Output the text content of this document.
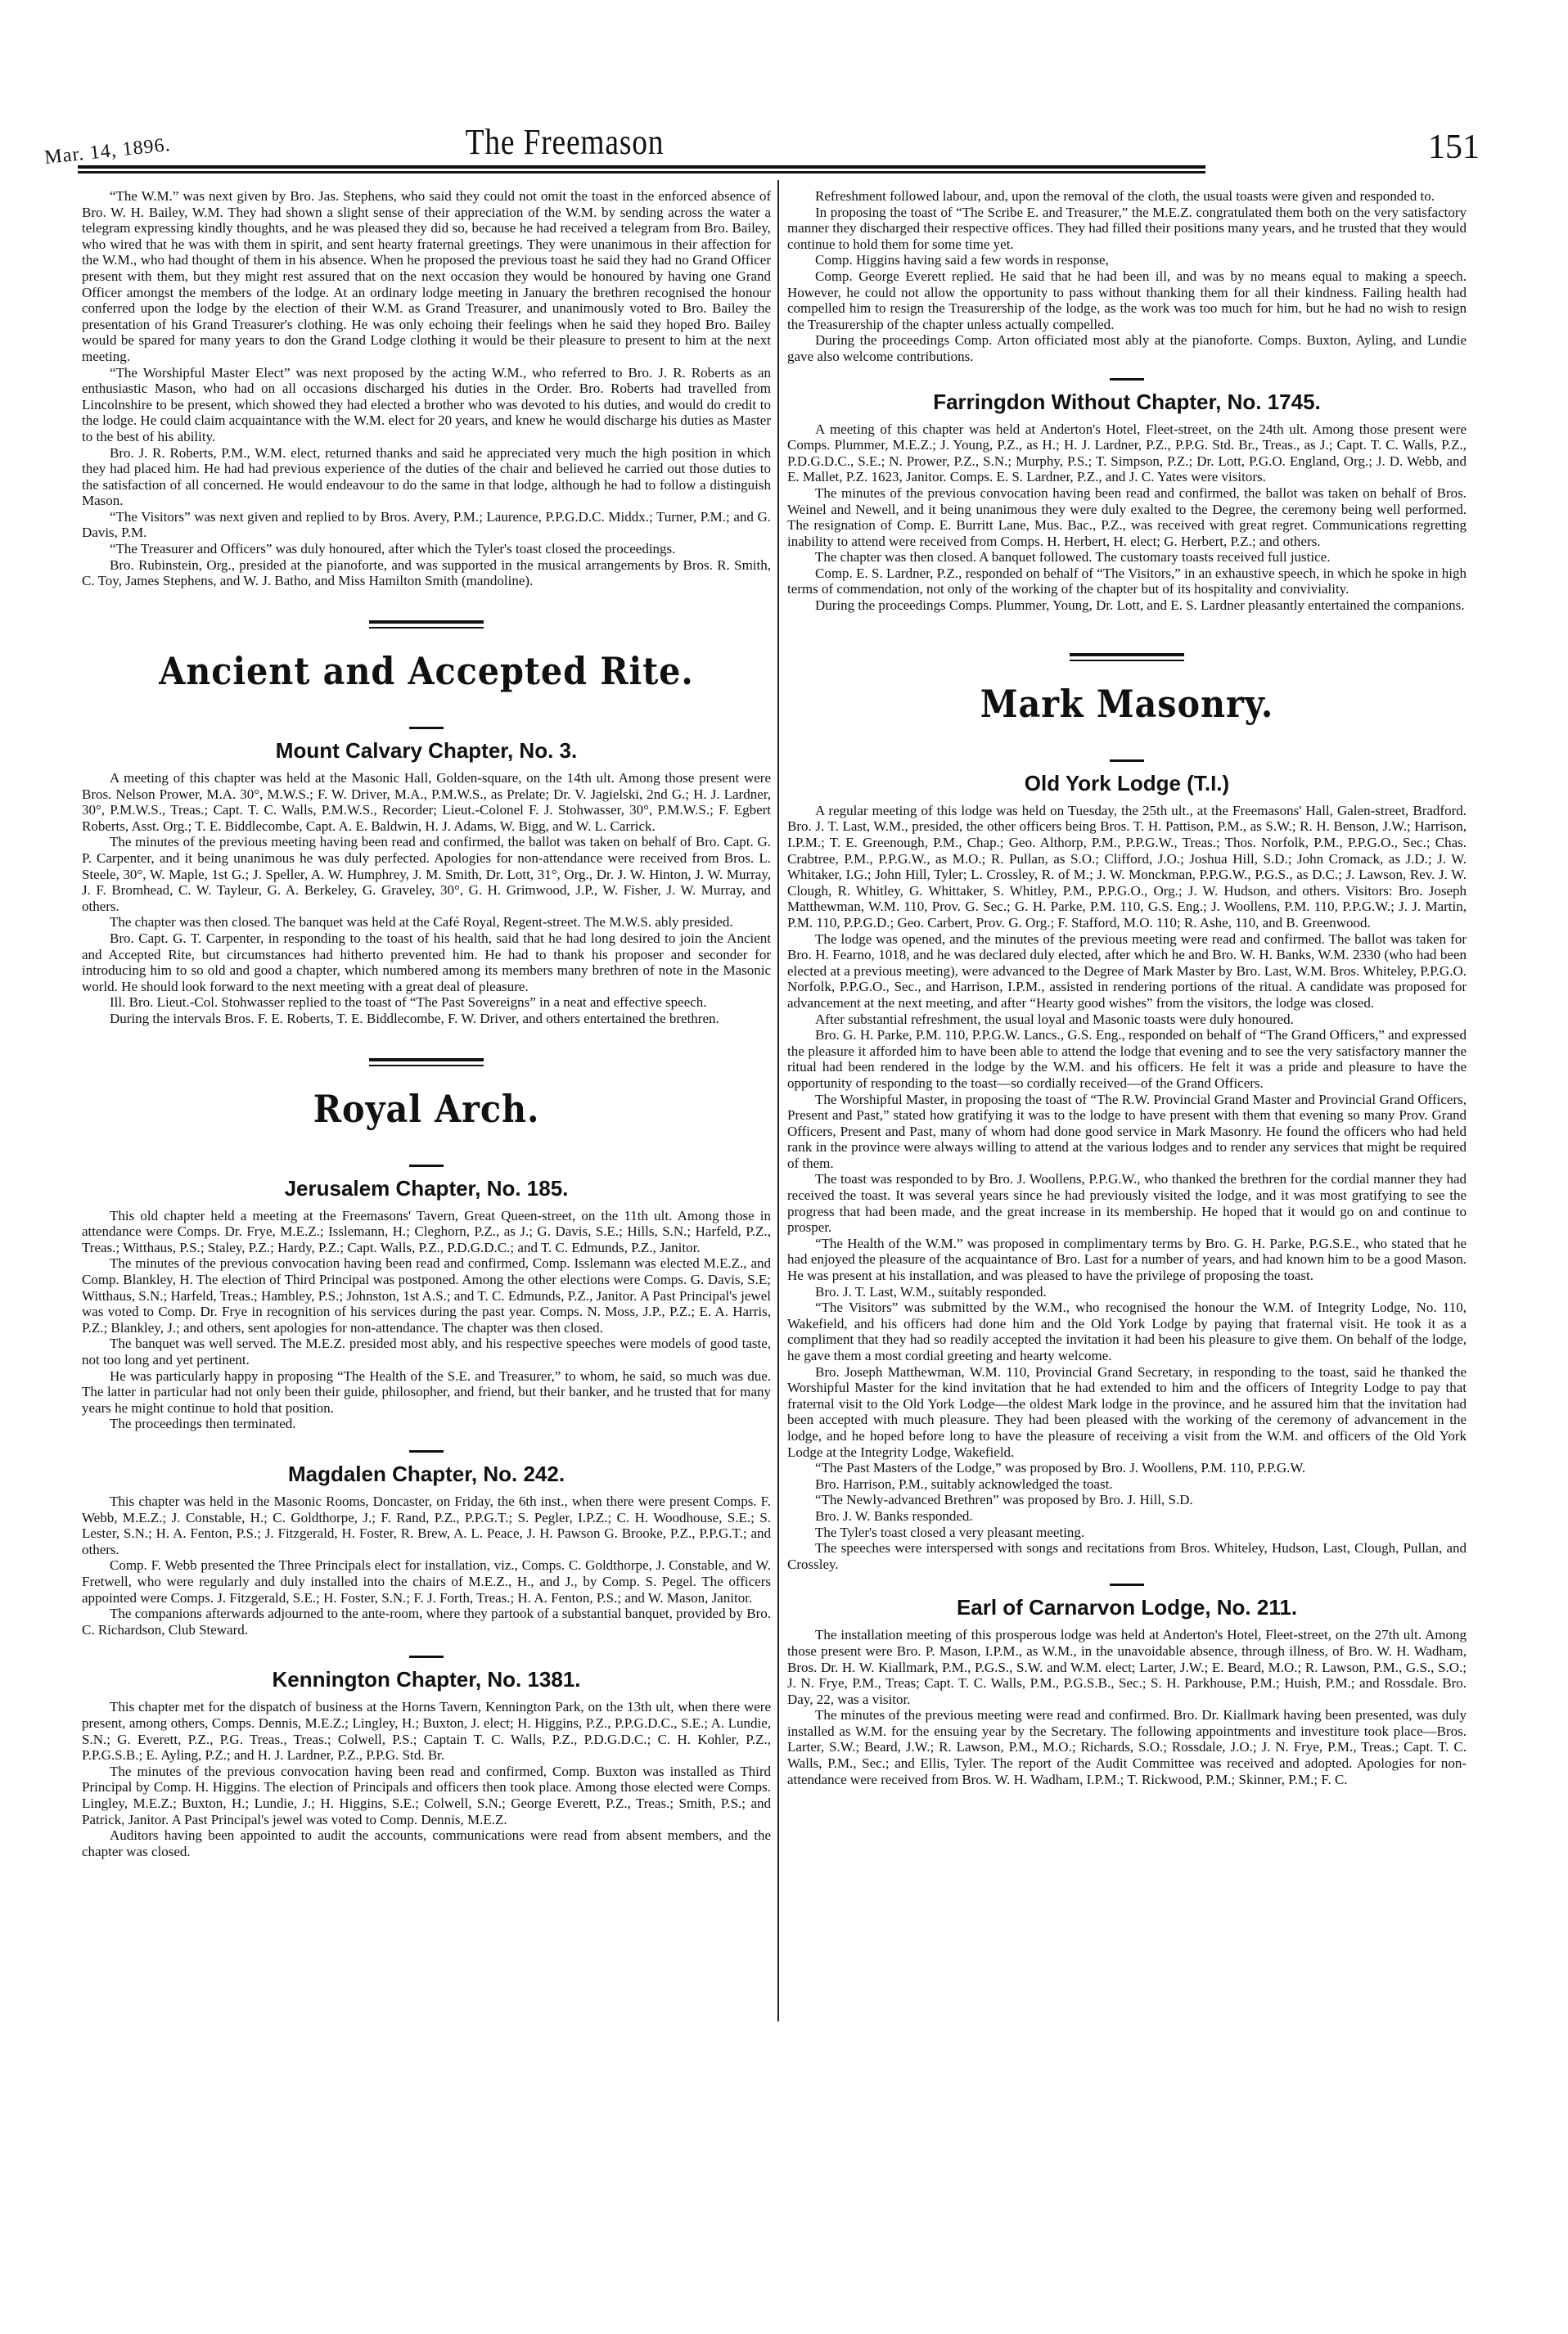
Mar. 14, 1896.	The Freemason	151

“The W.M.” was next given by Bro. Jas. Stephens, who said they could not omit the toast in the enforced absence of Bro. W. H. Bailey, W.M. They had shown a slight sense of their appreciation of the W.M. by sending across the water a telegram expressing kindly thoughts, and he was pleased they did so, because he had received a telegram from Bro. Bailey, who wired that he was with them in spirit, and sent hearty fraternal greetings. They were unanimous in their affection for the W.M., who had thought of them in his absence. When he proposed the previous toast he said they had no Grand Officer present with them, but they might rest assured that on the next occasion they would be honoured by having one Grand Officer amongst the members of the lodge. At an ordinary lodge meeting in January the brethren recognised the honour conferred upon the lodge by the election of their W.M. as Grand Treasurer, and unanimously voted to Bro. Bailey the presentation of his Grand Treasurer's clothing. He was only echoing their feelings when he said they hoped Bro. Bailey would be spared for many years to don the Grand Lodge clothing it would be their pleasure to present to him at the next meeting.

“The Worshipful Master Elect” was next proposed by the acting W.M., who referred to Bro. J. R. Roberts as an enthusiastic Mason, who had on all occasions discharged his duties in the Order. Bro. Roberts had travelled from Lincolnshire to be present, which showed they had elected a brother who was devoted to his duties, and would do credit to the lodge. He could claim acquaintance with the W.M. elect for 20 years, and knew he would discharge his duties as Master to the best of his ability.

Bro. J. R. Roberts, P.M., W.M. elect, returned thanks and said he appreciated very much the high position in which they had placed him. He had had previous experience of the duties of the chair and believed he carried out those duties to the satisfaction of all concerned. He would endeavour to do the same in that lodge, although he had to follow a distinguish Mason.

“The Visitors” was next given and replied to by Bros. Avery, P.M.; Laurence, P.P.G.D.C. Middx.; Turner, P.M.; and G. Davis, P.M.

“The Treasurer and Officers” was duly honoured, after which the Tyler's toast closed the proceedings.

Bro. Rubinstein, Org., presided at the pianoforte, and was supported in the musical arrangements by Bros. R. Smith, C. Toy, James Stephens, and W. J. Batho, and Miss Hamilton Smith (mandoline).

Ancient and Accepted Rite.
Mount Calvary Chapter, No. 3.

A meeting of this chapter was held at the Masonic Hall, Golden-square, on the 14th ult. Among those present were Bros. Nelson Prower, M.A. 30°, M.W.S.; F. W. Driver, M.A., P.M.W.S., as Prelate; Dr. V. Jagielski, 2nd G.; H. J. Lardner, 30°, P.M.W.S., Treas.; Capt. T. C. Walls, P.M.W.S., Recorder; Lieut.-Colonel F. J. Stohwasser, 30°, P.M.W.S.; F. Egbert Roberts, Asst. Org.; T. E. Biddlecombe, Capt. A. E. Baldwin, H. J. Adams, W. Bigg, and W. L. Carrick.

The minutes of the previous meeting having been read and confirmed, the ballot was taken on behalf of Bro. Capt. G. P. Carpenter, and it being unanimous he was duly perfected. Apologies for non-attendance were received from Bros. L. Steele, 30°, W. Maple, 1st G.; J. Speller, A. W. Humphrey, J. M. Smith, Dr. Lott, 31°, Org., Dr. J. W. Hinton, J. W. Murray, J. F. Bromhead, C. W. Tayleur, G. A. Berkeley, G. Graveley, 30°, G. H. Grimwood, J.P., W. Fisher, J. W. Murray, and others.

The chapter was then closed. The banquet was held at the Café Royal, Regent-street. The M.W.S. ably presided.

Bro. Capt. G. T. Carpenter, in responding to the toast of his health, said that he had long desired to join the Ancient and Accepted Rite, but circumstances had hitherto prevented him. He had to thank his proposer and seconder for introducing him to so old and good a chapter, which numbered among its members many brethren of note in the Masonic world. He should look forward to the next meeting with a great deal of pleasure.

Ill. Bro. Lieut.-Col. Stohwasser replied to the toast of “The Past Sovereigns” in a neat and effective speech.

During the intervals Bros. F. E. Roberts, T. E. Biddlecombe, F. W. Driver, and others entertained the brethren.

Royal Arch.
Jerusalem Chapter, No. 185.

This old chapter held a meeting at the Freemasons' Tavern, Great Queen-street, on the 11th ult. Among those in attendance were Comps. Dr. Frye, M.E.Z.; Isslemann, H.; Cleghorn, P.Z., as J.; G. Davis, S.E.; Hills, S.N.; Harfeld, P.Z., Treas.; Witthaus, P.S.; Staley, P.Z.; Hardy, P.Z.; Capt. Walls, P.Z., P.D.G.D.C.; and T. C. Edmunds, P.Z., Janitor.

The minutes of the previous convocation having been read and confirmed, Comp. Isslemann was elected M.E.Z., and Comp. Blankley, H. The election of Third Principal was postponed. Among the other elections were Comps. G. Davis, S.E; Witthaus, S.N.; Harfeld, Treas.; Hambley, P.S.; Johnston, 1st A.S.; and T. C. Edmunds, P.Z., Janitor. A Past Principal's jewel was voted to Comp. Dr. Frye in recognition of his services during the past year. Comps. N. Moss, J.P., P.Z.; E. A. Harris, P.Z.; Blankley, J.; and others, sent apologies for non-attendance. The chapter was then closed.

The banquet was well served. The M.E.Z. presided most ably, and his respective speeches were models of good taste, not too long and yet pertinent.

He was particularly happy in proposing “The Health of the S.E. and Treasurer,” to whom, he said, so much was due. The latter in particular had not only been their guide, philosopher, and friend, but their banker, and he trusted that for many years he might continue to hold that position.

The proceedings then terminated.

Magdalen Chapter, No. 242.

This chapter was held in the Masonic Rooms, Doncaster, on Friday, the 6th inst., when there were present Comps. F. Webb, M.E.Z.; J. Constable, H.; C. Goldthorpe, J.; F. Rand, P.Z., P.P.G.T.; S. Pegler, I.P.Z.; C. H. Woodhouse, S.E.; S. Lester, S.N.; H. A. Fenton, P.S.; J. Fitzgerald, H. Foster, R. Brew, A. L. Peace, J. H. Pawson G. Brooke, P.Z., P.P.G.T.; and others.

Comp. F. Webb presented the Three Principals elect for installation, viz., Comps. C. Goldthorpe, J. Constable, and W. Fretwell, who were regularly and duly installed into the chairs of M.E.Z., H., and J., by Comp. S. Pegel. The officers appointed were Comps. J. Fitzgerald, S.E.; H. Foster, S.N.; F. J. Forth, Treas.; H. A. Fenton, P.S.; and W. Mason, Janitor.

The companions afterwards adjourned to the ante-room, where they partook of a substantial banquet, provided by Bro. C. Richardson, Club Steward.

Kennington Chapter, No. 1381.

This chapter met for the dispatch of business at the Horns Tavern, Kennington Park, on the 13th ult, when there were present, among others, Comps. Dennis, M.E.Z.; Lingley, H.; Buxton, J. elect; H. Higgins, P.Z., P.P.G.D.C., S.E.; A. Lundie, S.N.; G. Everett, P.Z., P.G. Treas., Treas.; Colwell, P.S.; Captain T. C. Walls, P.Z., P.D.G.D.C.; C. H. Kohler, P.Z., P.P.G.S.B.; E. Ayling, P.Z.; and H. J. Lardner, P.Z., P.P.G. Std. Br.

The minutes of the previous convocation having been read and confirmed, Comp. Buxton was installed as Third Principal by Comp. H. Higgins. The election of Principals and officers then took place. Among those elected were Comps. Lingley, M.E.Z.; Buxton, H.; Lundie, J.; H. Higgins, S.E.; Colwell, S.N.; George Everett, P.Z., Treas.; Smith, P.S.; and Patrick, Janitor. A Past Principal's jewel was voted to Comp. Dennis, M.E.Z.

Auditors having been appointed to audit the accounts, communications were read from absent members, and the chapter was closed.

Refreshment followed labour, and, upon the removal of the cloth, the usual toasts were given and responded to.

In proposing the toast of “The Scribe E. and Treasurer,” the M.E.Z. congratulated them both on the very satisfactory manner they discharged their respective offices. They had filled their positions many years, and he trusted that they would continue to hold them for some time yet.

Comp. Higgins having said a few words in response,

Comp. George Everett replied. He said that he had been ill, and was by no means equal to making a speech. However, he could not allow the opportunity to pass without thanking them for all their kindness. Failing health had compelled him to resign the Treasurership of the lodge, as the work was too much for him, but he had no wish to resign the Treasurership of the chapter unless actually compelled.

During the proceedings Comp. Arton officiated most ably at the pianoforte. Comps. Buxton, Ayling, and Lundie gave also welcome contributions.

Farringdon Without Chapter, No. 1745.

A meeting of this chapter was held at Anderton's Hotel, Fleet-street, on the 24th ult. Among those present were Comps. Plummer, M.E.Z.; J. Young, P.Z., as H.; H. J. Lardner, P.Z., P.P.G. Std. Br., Treas., as J.; Capt. T. C. Walls, P.Z., P.D.G.D.C., S.E.; N. Prower, P.Z., S.N.; Murphy, P.S.; T. Simpson, P.Z.; Dr. Lott, P.G.O. England, Org.; J. D. Webb, and E. Mallet, P.Z. 1623, Janitor. Comps. E. S. Lardner, P.Z., and J. C. Yates were visitors.

The minutes of the previous convocation having been read and confirmed, the ballot was taken on behalf of Bros. Weinel and Newell, and it being unanimous they were duly exalted to the Degree, the ceremony being well performed. The resignation of Comp. E. Burritt Lane, Mus. Bac., P.Z., was received with great regret. Communications regretting inability to attend were received from Comps. H. Herbert, H. elect; G. Herbert, P.Z.; and others.

The chapter was then closed. A banquet followed. The customary toasts received full justice.

Comp. E. S. Lardner, P.Z., responded on behalf of “The Visitors,” in an exhaustive speech, in which he spoke in high terms of commendation, not only of the working of the chapter but of its hospitality and conviviality.

During the proceedings Comps. Plummer, Young, Dr. Lott, and E. S. Lardner pleasantly entertained the companions.

Mark Masonry.
Old York Lodge (T.I.)

A regular meeting of this lodge was held on Tuesday, the 25th ult., at the Freemasons' Hall, Galen-street, Bradford. Bro. J. T. Last, W.M., presided, the other officers being Bros. T. H. Pattison, P.M., as S.W.; R. H. Benson, J.W.; Harrison, I.P.M.; T. E. Greenough, P.M., Chap.; Geo. Althorp, P.M., P.P.G.W., Treas.; Thos. Norfolk, P.M., P.P.G.O., Sec.; Chas. Crabtree, P.M., P.P.G.W., as M.O.; R. Pullan, as S.O.; Clifford, J.O.; Joshua Hill, S.D.; John Cromack, as J.D.; J. W. Whitaker, I.G.; John Hill, Tyler; L. Crossley, R. of M.; J. W. Monckman, P.P.G.W., P.G.S., as D.C.; J. Lawson, Rev. J. W. Clough, R. Whitley, G. Whittaker, S. Whitley, P.M., P.P.G.O., Org.; J. W. Hudson, and others. Visitors: Bro. Joseph Matthewman, W.M. 110, Prov. G. Sec.; G. H. Parke, P.M. 110, G.S. Eng.; J. Woollens, P.M. 110, P.P.G.W.; J. J. Martin, P.M. 110, P.P.G.D.; Geo. Carbert, Prov. G. Org.; F. Stafford, M.O. 110; R. Ashe, 110, and B. Greenwood.

The lodge was opened, and the minutes of the previous meeting were read and confirmed. The ballot was taken for Bro. H. Fearno, 1018, and he was declared duly elected, after which he and Bro. W. H. Banks, W.M. 2330 (who had been elected at a previous meeting), were advanced to the Degree of Mark Master by Bro. Last, W.M. Bros. Whiteley, P.P.G.O. Norfolk, P.P.G.O., Sec., and Harrison, I.P.M., assisted in rendering portions of the ritual. A candidate was proposed for advancement at the next meeting, and after “Hearty good wishes” from the visitors, the lodge was closed.

After substantial refreshment, the usual loyal and Masonic toasts were duly honoured.

Bro. G. H. Parke, P.M. 110, P.P.G.W. Lancs., G.S. Eng., responded on behalf of “The Grand Officers,” and expressed the pleasure it afforded him to have been able to attend the lodge that evening and to see the very satisfactory manner the ritual had been rendered in the lodge by the W.M. and his officers. He felt it was a pride and pleasure to have the opportunity of responding to the toast—so cordially received—of the Grand Officers.

The Worshipful Master, in proposing the toast of “The R.W. Provincial Grand Master and Provincial Grand Officers, Present and Past,” stated how gratifying it was to the lodge to have present with them that evening so many Prov. Grand Officers, Present and Past, many of whom had done good service in Mark Masonry. He found the officers who had held rank in the province were always willing to attend at the various lodges and to render any services that might be required of them.

The toast was responded to by Bro. J. Woollens, P.P.G.W., who thanked the brethren for the cordial manner they had received the toast. It was several years since he had previously visited the lodge, and it was most gratifying to see the progress that had been made, and the great increase in its membership. He hoped that it would go on and continue to prosper.

“The Health of the W.M.” was proposed in complimentary terms by Bro. G. H. Parke, P.G.S.E., who stated that he had enjoyed the pleasure of the acquaintance of Bro. Last for a number of years, and had known him to be a good Mason. He was present at his installation, and was pleased to have the privilege of proposing the toast.

Bro. J. T. Last, W.M., suitably responded.

“The Visitors” was submitted by the W.M., who recognised the honour the W.M. of Integrity Lodge, No. 110, Wakefield, and his officers had done him and the Old York Lodge by paying that fraternal visit. He took it as a compliment that they had so readily accepted the invitation it had been his pleasure to give them. On behalf of the lodge, he gave them a most cordial greeting and hearty welcome.

Bro. Joseph Matthewman, W.M. 110, Provincial Grand Secretary, in responding to the toast, said he thanked the Worshipful Master for the kind invitation that he had extended to him and the officers of Integrity Lodge to pay that fraternal visit to the Old York Lodge—the oldest Mark lodge in the province, and he assured him that the invitation had been accepted with much pleasure. They had been pleased with the working of the ceremony of advancement in the lodge, and he hoped before long to have the pleasure of receiving a visit from the W.M. and officers of the Old York Lodge at the Integrity Lodge, Wakefield.

“The Past Masters of the Lodge,” was proposed by Bro. J. Woollens, P.M. 110, P.P.G.W.

Bro. Harrison, P.M., suitably acknowledged the toast.

“The Newly-advanced Brethren” was proposed by Bro. J. Hill, S.D.

Bro. J. W. Banks responded.

The Tyler's toast closed a very pleasant meeting.

The speeches were interspersed with songs and recitations from Bros. Whiteley, Hudson, Last, Clough, Pullan, and Crossley.

Earl of Carnarvon Lodge, No. 211.

The installation meeting of this prosperous lodge was held at Anderton's Hotel, Fleet-street, on the 27th ult. Among those present were Bro. P. Mason, I.P.M., as W.M., in the unavoidable absence, through illness, of Bro. W. H. Wadham, Bros. Dr. H. W. Kiallmark, P.M., P.G.S., S.W. and W.M. elect; Larter, J.W.; E. Beard, M.O.; R. Lawson, P.M., G.S., S.O.; J. N. Frye, P.M., Treas; Capt. T. C. Walls, P.M., P.G.S.B., Sec.; S. H. Parkhouse, P.M.; Huish, P.M.; and Rossdale. Bro. Day, 22, was a visitor.

The minutes of the previous meeting were read and confirmed. Bro. Dr. Kiallmark having been presented, was duly installed as W.M. for the ensuing year by the Secretary. The following appointments and investiture took place—Bros. Larter, S.W.; Beard, J.W.; R. Lawson, P.M., M.O.; Richards, S.O.; Rossdale, J.O.; J. N. Frye, P.M., Treas.; Capt. T. C. Walls, P.M., Sec.; and Ellis, Tyler. The report of the Audit Committee was received and adopted. Apologies for non-attendance were received from Bros. W. H. Wadham, I.P.M.; T. Rickwood, P.M.; Skinner, P.M.; F. C.
